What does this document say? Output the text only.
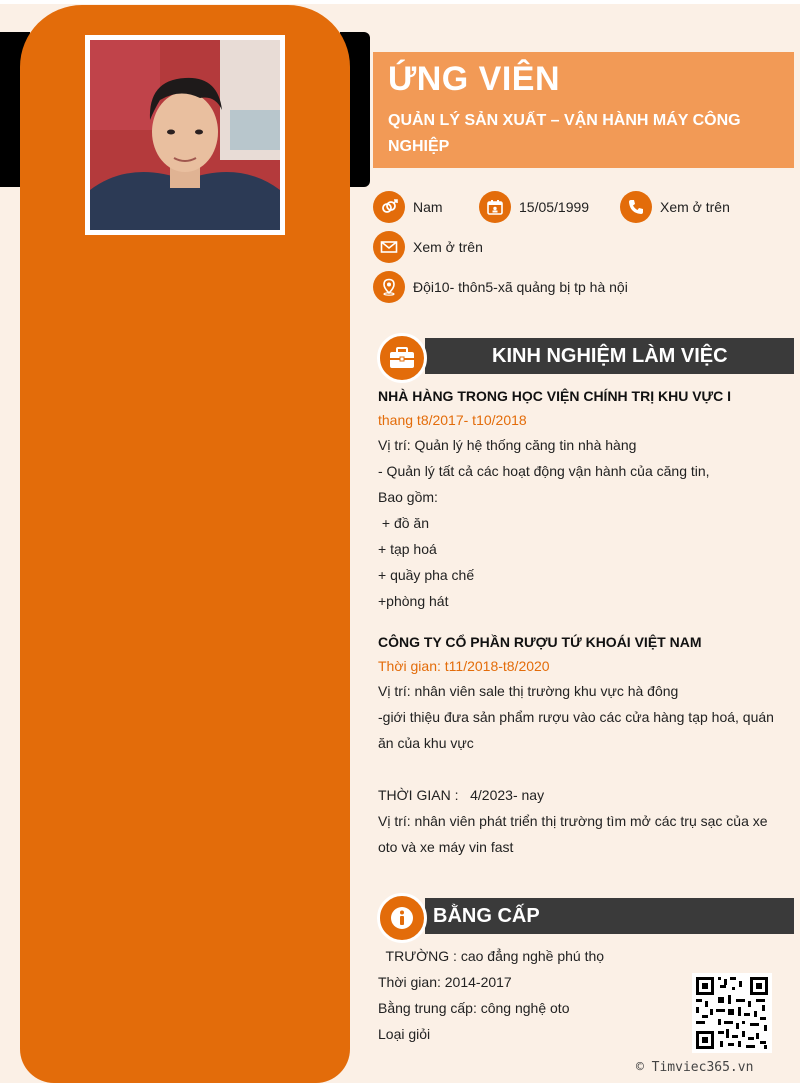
ỨNG VIÊN
QUẢN LÝ SẢN XUẤT – VẬN HÀNH MÁY CÔNG NGHIỆP
Nam	15/05/1999	Xem ở trên
Xem ở trên
Đội10- thôn5-xã quảng bị tp hà nội
KINH NGHIỆM LÀM VIỆC
NHÀ HÀNG TRONG HỌC VIỆN CHÍNH TRỊ KHU VỰC I
thang t8/2017- t10/2018
Vị trí: Quản lý hệ thống căng tin nhà hàng
- Quản lý tất cả các hoạt động vận hành của căng tin,
Bao gồm:
+ đồ ăn
+ tạp hoá
+ quầy pha chế
+phòng hát
CÔNG TY CỔ PHẦN RƯỢU TỨ KHOÁI VIỆT NAM
Thời gian: t11/2018-t8/2020
Vị trí: nhân viên sale thị trường khu vực hà đông
-giới thiệu đưa sản phẩm rượu vào các cửa hàng tạp hoá, quán ăn của khu vực
THỜI GIAN :   4/2023- nay
Vị trí: nhân viên phát triển thị trường tìm mở các trụ sạc của xe oto và xe máy vin fast
BẰNG CẤP
TRƯỜNG : cao đẳng nghề phú thọ
Thời gian: 2014-2017
Bằng trung cấp: công nghệ oto
Loại giỏi
© Timviec365.vn
